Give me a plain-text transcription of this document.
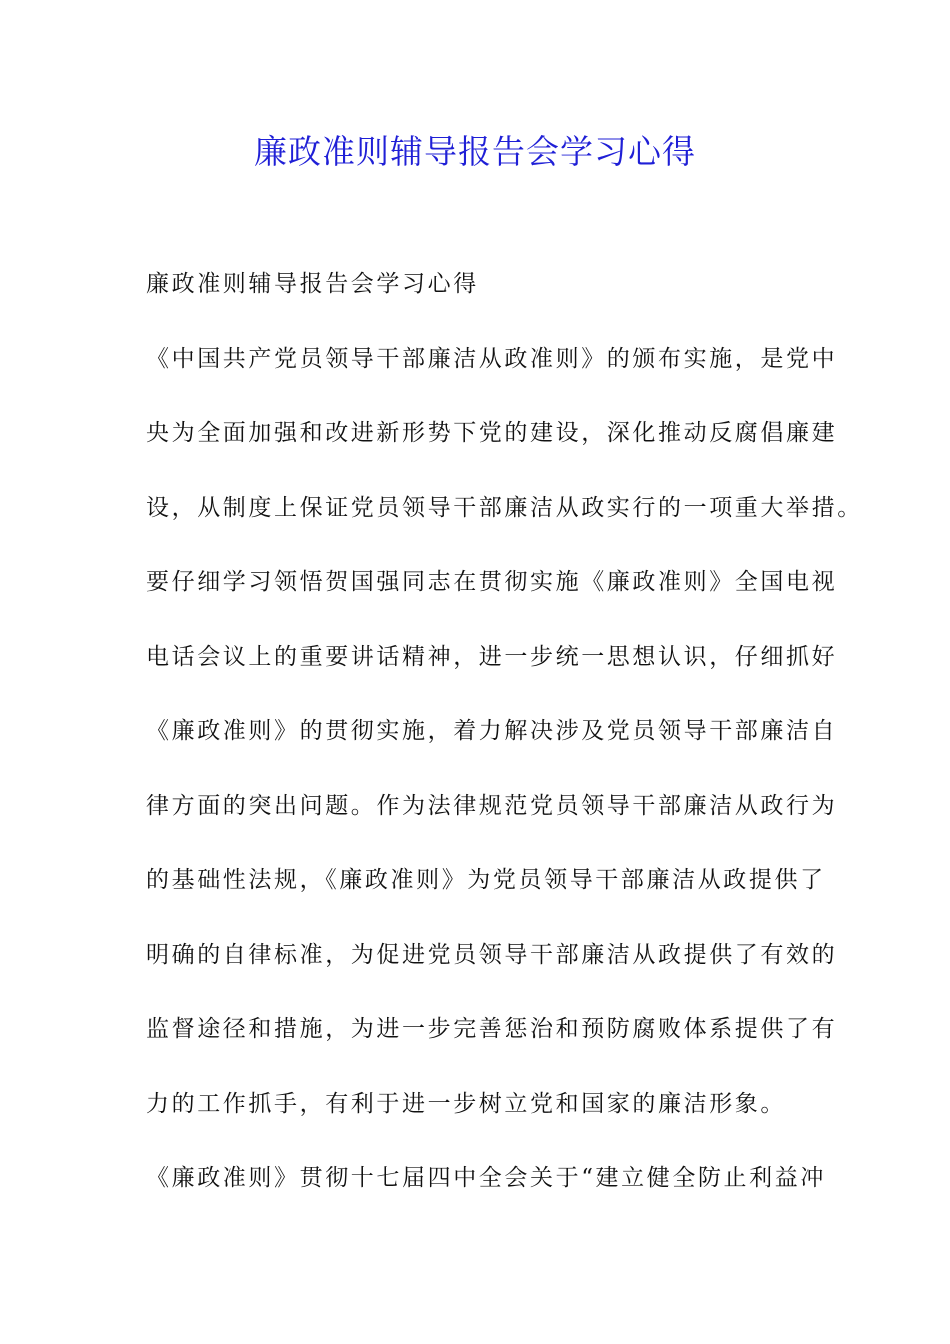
廉政准则辅导报告会学习心得
廉政准则辅导报告会学习心得
《中国共产党员领导干部廉洁从政准则》的颁布实施，是党中
央为全面加强和改进新形势下党的建设，深化推动反腐倡廉建
设，从制度上保证党员领导干部廉洁从政实行的一项重大举措。
要仔细学习领悟贺国强同志在贯彻实施《廉政准则》全国电视
电话会议上的重要讲话精神，进一步统一思想认识，仔细抓好
《廉政准则》的贯彻实施，着力解决涉及党员领导干部廉洁自
律方面的突出问题。作为法律规范党员领导干部廉洁从政行为
的基础性法规，《廉政准则》为党员领导干部廉洁从政提供了
明确的自律标准，为促进党员领导干部廉洁从政提供了有效的
监督途径和措施，为进一步完善惩治和预防腐败体系提供了有
力的工作抓手，有利于进一步树立党和国家的廉洁形象。
《廉政准则》贯彻十七届四中全会关于“建立健全防止利益冲
